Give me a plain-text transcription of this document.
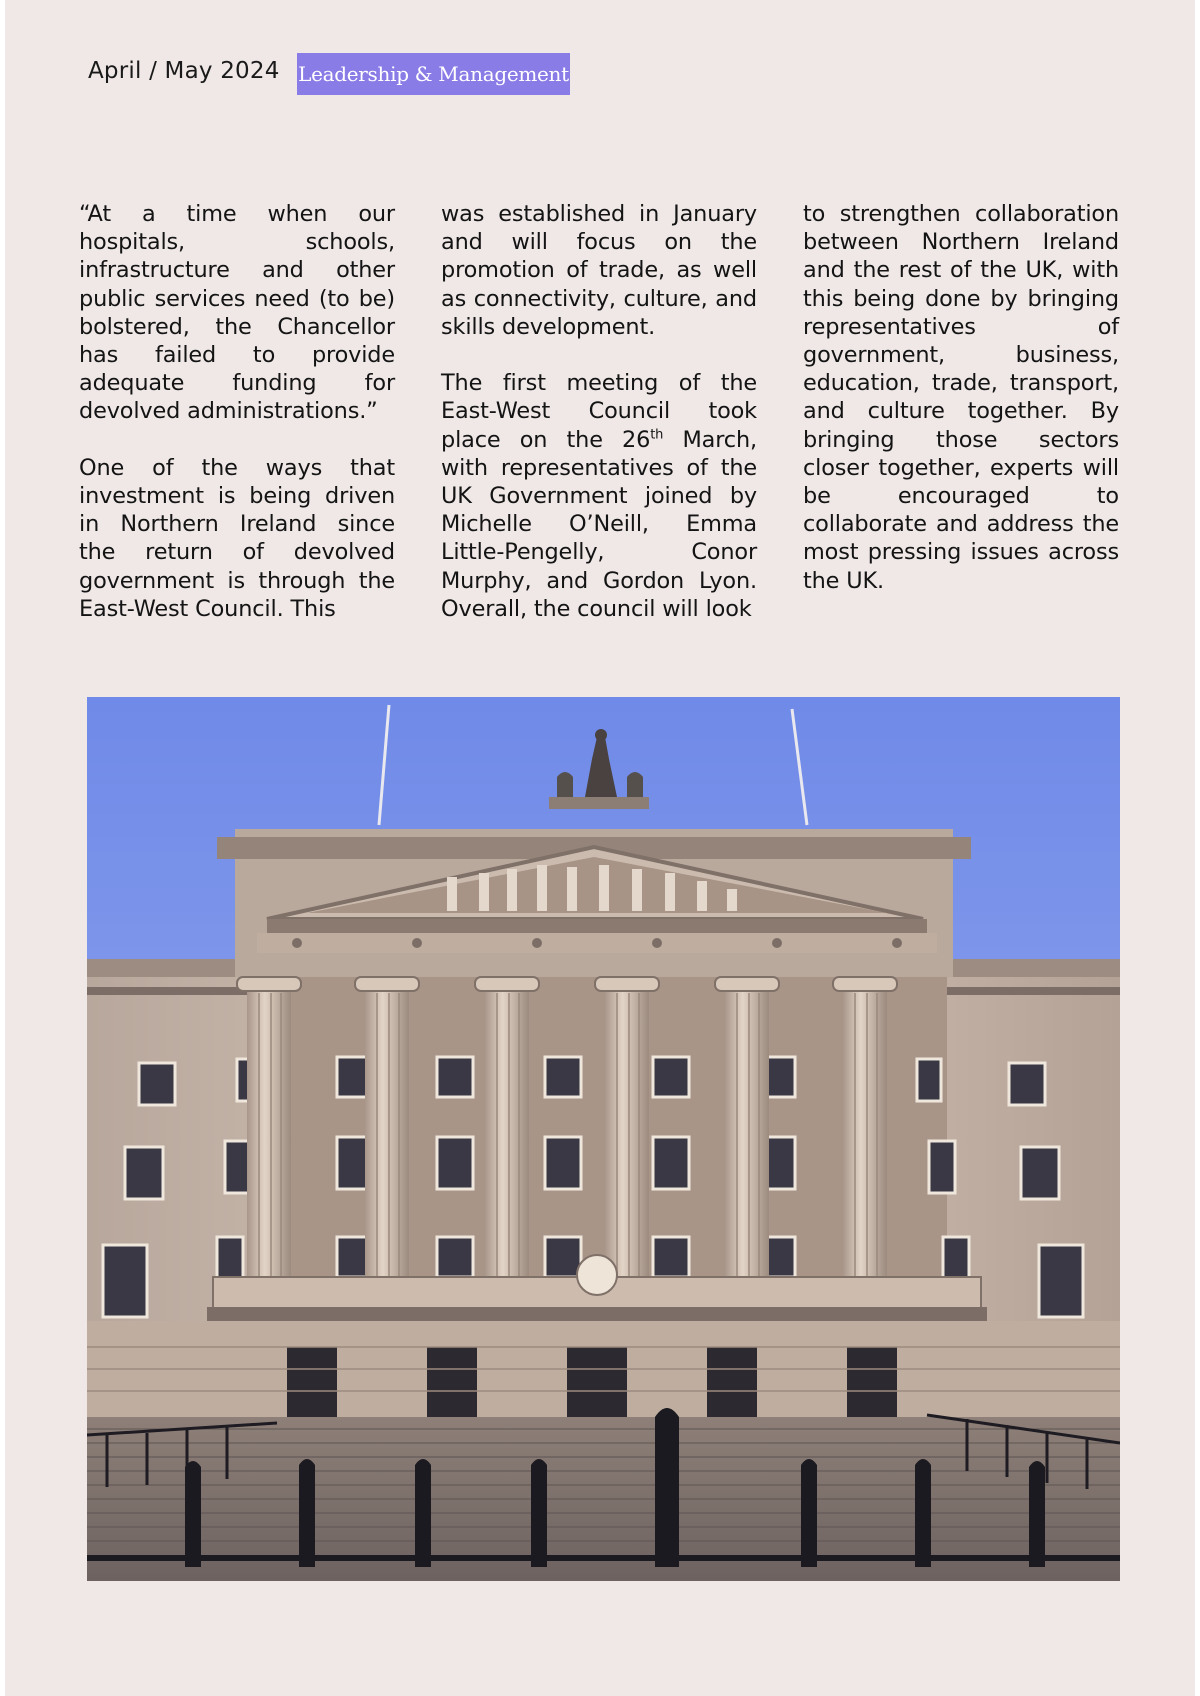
April / May 2024 Leadership & Management

“At a time when our hospitals, schools, infrastructure and other public services need (to be) bolstered, the Chancellor has failed to provide adequate funding for devolved administrations.”

One of the ways that investment is being driven in Northern Ireland since the return of devolved government is through the East-West Council. This

was established in January and will focus on the promotion of trade, as well as connectivity, culture, and skills development.

The first meeting of the East-West Council took place on the 26th March, with representatives of the UK Government joined by Michelle O’Neill, Emma Little-Pengelly, Conor Murphy, and Gordon Lyon. Overall, the council will look

to strengthen collaboration between Northern Ireland and the rest of the UK, with this being done by bringing representatives of government, business, education, trade, transport, and culture together. By bringing those sectors closer together, experts will be encouraged to collaborate and address the most pressing issues across the UK.
